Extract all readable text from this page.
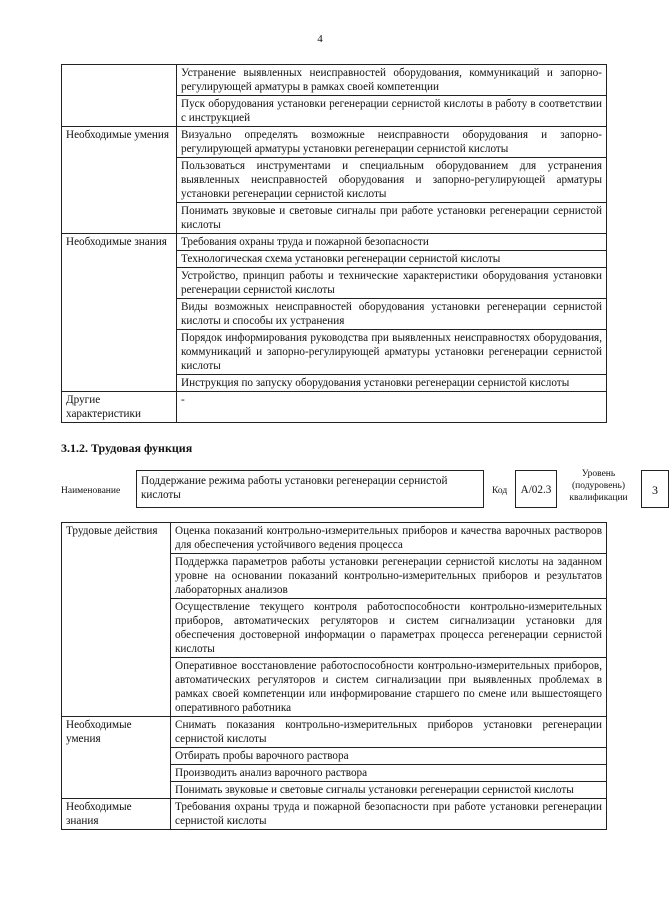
4
	Устранение выявленных неисправностей оборудования, коммуникаций и запорно-регулирующей арматуры в рамках своей компетенции
	Пуск оборудования установки регенерации сернистой кислоты в работу в соответствии с инструкцией
Необходимые умения	Визуально определять возможные неисправности оборудования и запорно-регулирующей арматуры установки регенерации сернистой кислоты
	Пользоваться инструментами и специальным оборудованием для устранения выявленных неисправностей оборудования и запорно-регулирующей арматуры установки регенерации сернистой кислоты
	Понимать звуковые и световые сигналы при работе установки регенерации сернистой кислоты
Необходимые знания	Требования охраны труда и пожарной безопасности
	Технологическая схема установки регенерации сернистой кислоты
	Устройство, принцип работы и технические характеристики оборудования установки регенерации сернистой кислоты
	Виды возможных неисправностей оборудования установки регенерации сернистой кислоты и способы их устранения
	Порядок информирования руководства при выявленных неисправностях оборудования, коммуникаций и запорно-регулирующей арматуры установки регенерации сернистой кислоты
	Инструкция по запуску оборудования установки регенерации сернистой кислоты
Другие характеристики	-
3.1.2. Трудовая функция
Наименование
Поддержание режима работы установки регенерации сернистой кислоты	Код	A/02.3
Уровень (подуровень) квалификации
3
Трудовые действия	Оценка показаний контрольно-измерительных приборов и качества варочных растворов для обеспечения устойчивого ведения процесса
	Поддержка параметров работы установки регенерации сернистой кислоты на заданном уровне на основании показаний контрольно-измерительных приборов и результатов лабораторных анализов
	Осуществление текущего контроля работоспособности контрольно-измерительных приборов, автоматических регуляторов и систем сигнализации установки для обеспечения достоверной информации о параметрах процесса регенерации сернистой кислоты
	Оперативное восстановление работоспособности контрольно-измерительных приборов, автоматических регуляторов и систем сигнализации при выявленных проблемах в рамках своей компетенции или информирование старшего по смене или вышестоящего оперативного работника
Необходимые умения	Снимать показания контрольно-измерительных приборов установки регенерации сернистой кислоты
	Отбирать пробы варочного раствора
	Производить анализ варочного раствора
	Понимать звуковые и световые сигналы установки регенерации сернистой кислоты
Необходимые знания	Требования охраны труда и пожарной безопасности при работе установки регенерации сернистой кислоты
